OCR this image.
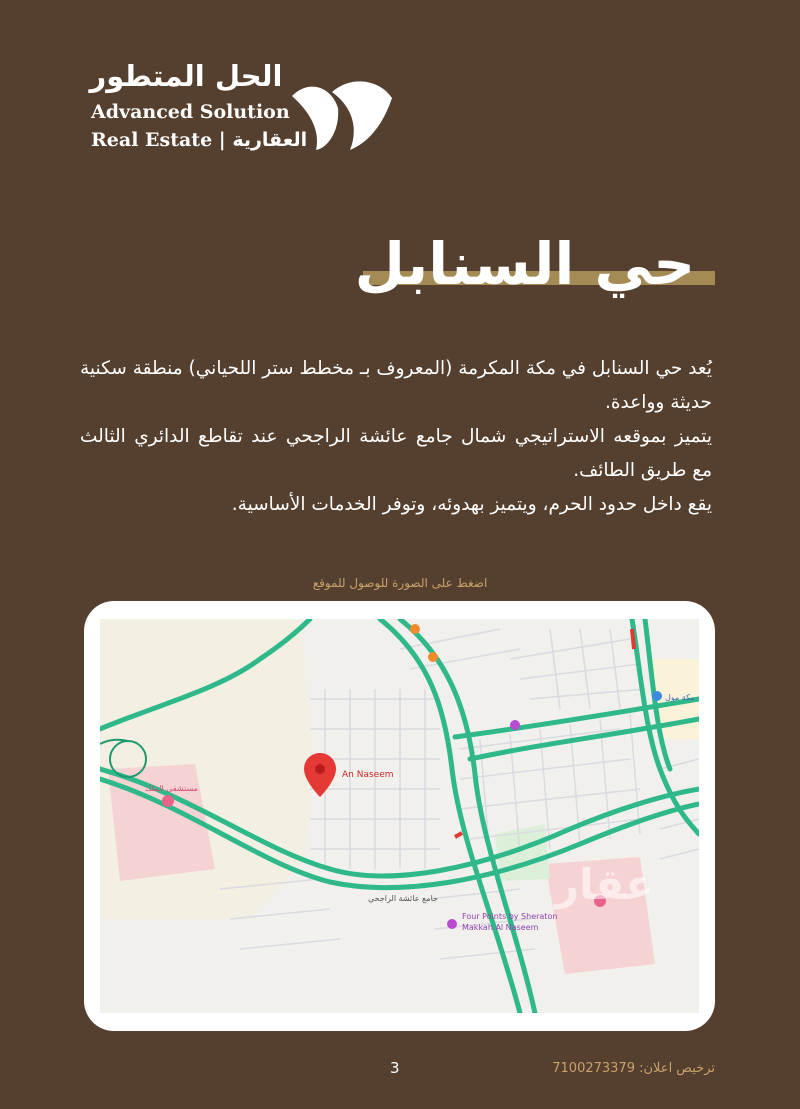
الحل المتطور
Advanced Solution
Real Estate | العقارية
حي السنابل

يُعد حي السنابل في مكة المكرمة (المعروف بـ مخطط ستر اللحياني) منطقة سكنية حديثة وواعدة.

يتميز بموقعه الاستراتيجي شمال جامع عائشة الراجحي عند تقاطع الدائري الثالث مع طريق الطائف.

يقع داخل حدود الحرم، ويتميز بهدوئه، وتوفر الخدمات الأساسية.

اضغط على الصورة للوصول للموقع
An Naseem
Four Points by Sheraton
Makkah Al Naseem
مستشفى الملك
جامع عائشة الراجحي
مكة مول
عقار
3	ترخيص اعلان: 7100273379
